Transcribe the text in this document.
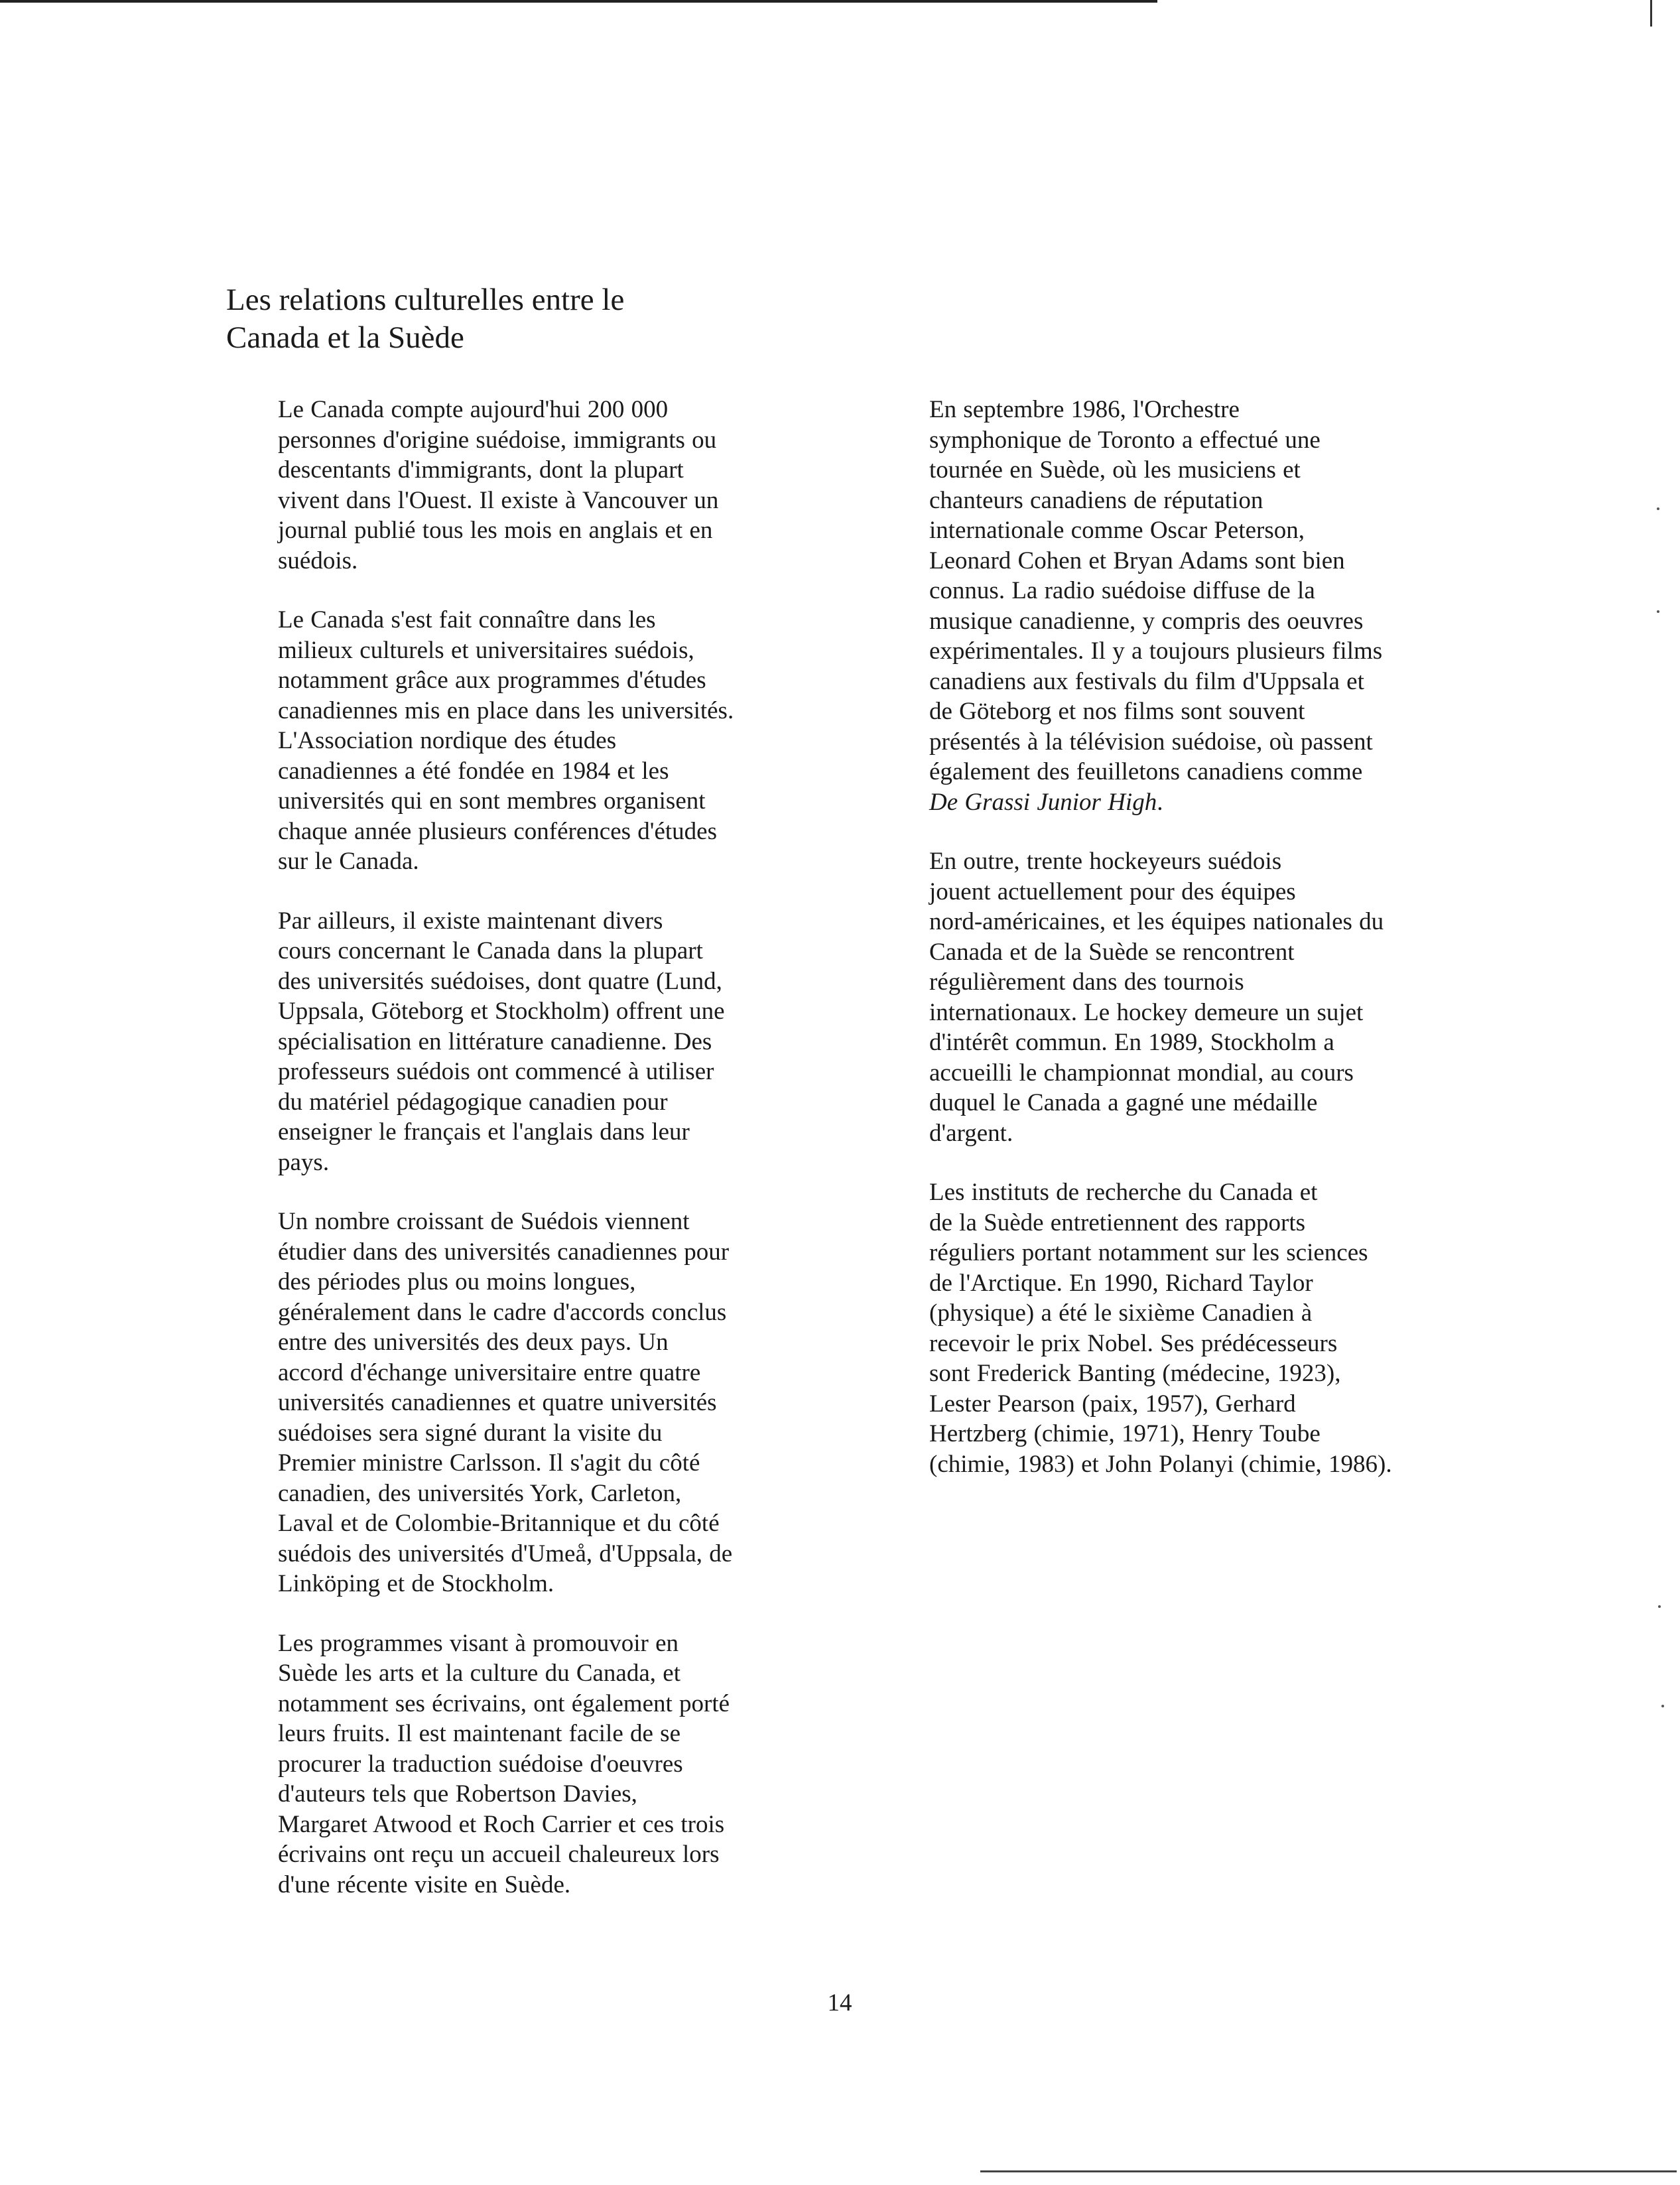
Les relations culturelles entre le
Canada et la Suède

Le Canada compte aujourd'hui 200 000
personnes d'origine suédoise, immigrants ou
descentants d'immigrants, dont la plupart
vivent dans l'Ouest. Il existe à Vancouver un
journal publié tous les mois en anglais et en
suédois.

Le Canada s'est fait connaître dans les
milieux culturels et universitaires suédois,
notamment grâce aux programmes d'études
canadiennes mis en place dans les universités.
L'Association nordique des études
canadiennes a été fondée en 1984 et les
universités qui en sont membres organisent
chaque année plusieurs conférences d'études
sur le Canada.

Par ailleurs, il existe maintenant divers
cours concernant le Canada dans la plupart
des universités suédoises, dont quatre (Lund,
Uppsala, Göteborg et Stockholm) offrent une
spécialisation en littérature canadienne. Des
professeurs suédois ont commencé à utiliser
du matériel pédagogique canadien pour
enseigner le français et l'anglais dans leur
pays.

Un nombre croissant de Suédois viennent
étudier dans des universités canadiennes pour
des périodes plus ou moins longues,
généralement dans le cadre d'accords conclus
entre des universités des deux pays. Un
accord d'échange universitaire entre quatre
universités canadiennes et quatre universités
suédoises sera signé durant la visite du
Premier ministre Carlsson. Il s'agit du côté
canadien, des universités York, Carleton,
Laval et de Colombie-Britannique et du côté
suédois des universités d'Umeå, d'Uppsala, de
Linköping et de Stockholm.

Les programmes visant à promouvoir en
Suède les arts et la culture du Canada, et
notamment ses écrivains, ont également porté
leurs fruits. Il est maintenant facile de se
procurer la traduction suédoise d'oeuvres
d'auteurs tels que Robertson Davies,
Margaret Atwood et Roch Carrier et ces trois
écrivains ont reçu un accueil chaleureux lors
d'une récente visite en Suède.

En septembre 1986, l'Orchestre
symphonique de Toronto a effectué une
tournée en Suède, où les musiciens et
chanteurs canadiens de réputation
internationale comme Oscar Peterson,
Leonard Cohen et Bryan Adams sont bien
connus. La radio suédoise diffuse de la
musique canadienne, y compris des oeuvres
expérimentales. Il y a toujours plusieurs films
canadiens aux festivals du film d'Uppsala et
de Göteborg et nos films sont souvent
présentés à la télévision suédoise, où passent
également des feuilletons canadiens comme
De Grassi Junior High.

En outre, trente hockeyeurs suédois
jouent actuellement pour des équipes
nord-américaines, et les équipes nationales du
Canada et de la Suède se rencontrent
régulièrement dans des tournois
internationaux. Le hockey demeure un sujet
d'intérêt commun. En 1989, Stockholm a
accueilli le championnat mondial, au cours
duquel le Canada a gagné une médaille
d'argent.

Les instituts de recherche du Canada et
de la Suède entretiennent des rapports
réguliers portant notamment sur les sciences
de l'Arctique. En 1990, Richard Taylor
(physique) a été le sixième Canadien à
recevoir le prix Nobel. Ses prédécesseurs
sont Frederick Banting (médecine, 1923),
Lester Pearson (paix, 1957), Gerhard
Hertzberg (chimie, 1971), Henry Toube
(chimie, 1983) et John Polanyi (chimie, 1986).

14
